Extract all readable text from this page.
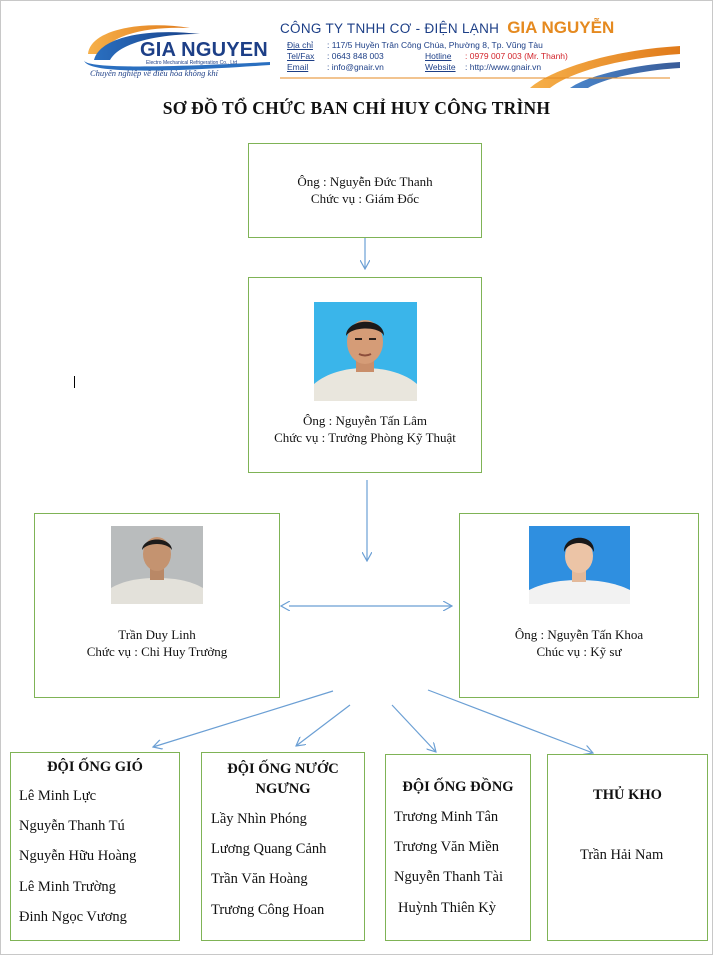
GIA NGUYEN
Electro Mechanical Refrigeration Co., Ltd
Chuyên nghiệp về điều hòa không khí
CÔNG TY TNHH CƠ - ĐIỆN LẠNH GIA NGUYỄN
Địa chỉ : 117/5 Huyền Trân Công Chúa, Phường 8, Tp. Vũng Tàu
Tel/Fax : 0643 848 003	Hotline : 0979 007 003 (Mr. Thanh)
Email : info@gnair.vn	Website : http://www.gnair.vn
SƠ ĐỒ TỔ CHỨC BAN CHỈ HUY CÔNG TRÌNH
Ông : Nguyễn Đức Thanh
Chức vụ : Giám Đốc
Ông : Nguyễn Tấn Lâm
Chức vụ : Trưởng Phòng Kỹ Thuật
Trần Duy Linh
Chức vụ : Chỉ Huy Trưởng
Ông : Nguyễn Tấn Khoa
Chúc vụ : Kỹ sư
ĐỘI ỐNG GIÓ
Lê Minh Lực
Nguyễn Thanh Tú
Nguyễn Hữu Hoàng
Lê Minh Trường
Đinh Ngọc Vương
ĐỘI ỐNG NƯỚC
NGƯNG
Lầy Nhìn Phóng
Lương Quang Cảnh
Trần Văn Hoàng
Trương Công Hoan
ĐỘI ỐNG ĐỒNG
Trương Minh Tân
Trương Văn Miền
Nguyễn Thanh Tài
Huỳnh Thiên Kỳ
THỦ KHO
Trần Hải Nam
